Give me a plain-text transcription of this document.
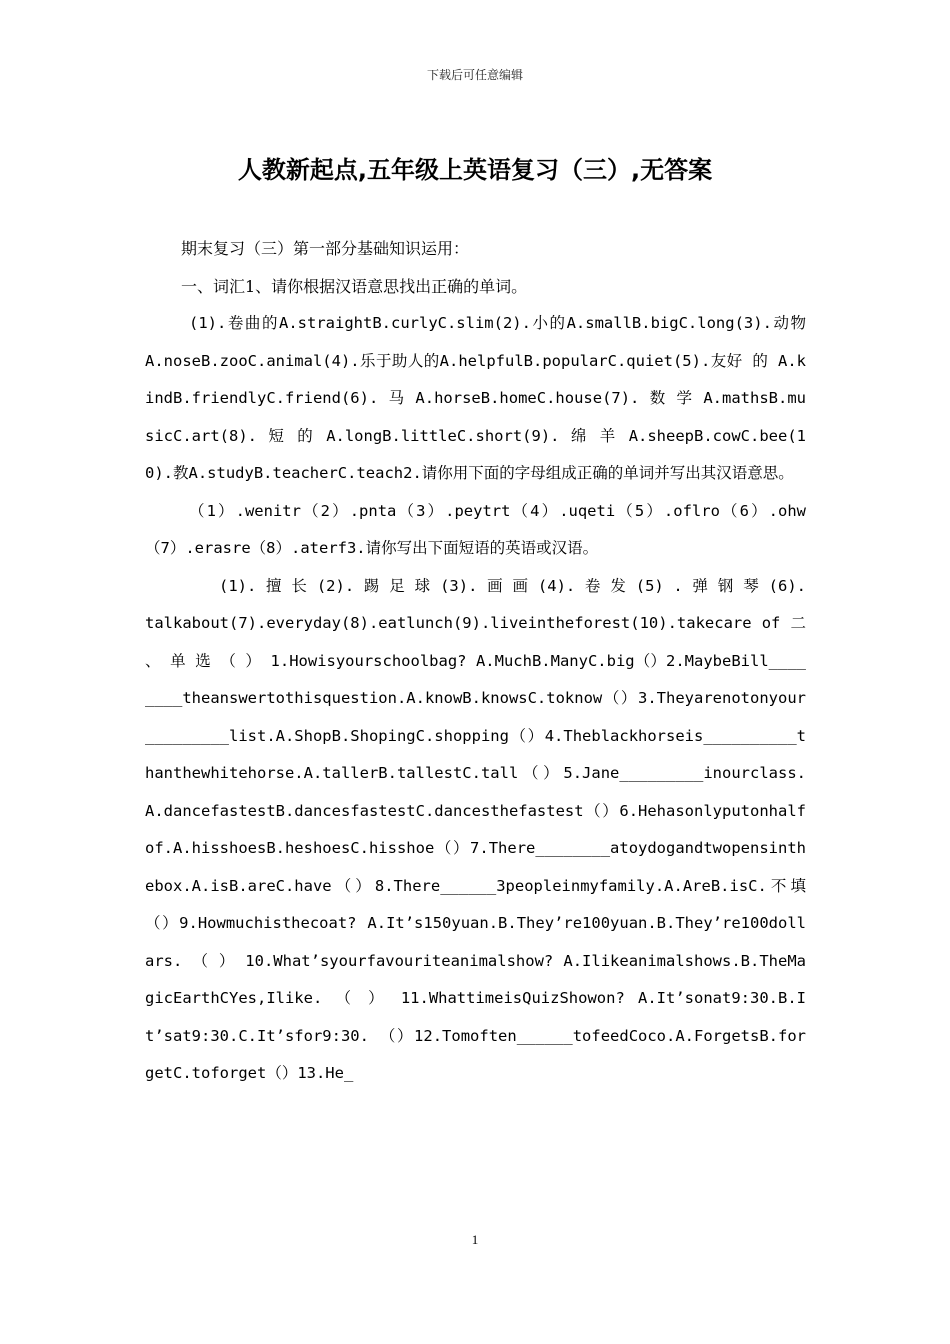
下载后可任意编辑
人教新起点,五年级上英语复习（三）,无答案

期末复习（三）第一部分基础知识运用：

一、词汇1、请你根据汉语意思找出正确的单词。

(1).卷曲的A.straightB.curlyC.slim(2).小的A.smallB.bigC.long(3).动物A.noseB.zooC.animal(4).乐于助人的A.helpfulB.popularC.quiet(5).友好 的 A.kindB.friendlyC.friend(6). 马 A.horseB.homeC.house(7). 数 学 A.mathsB.musicC.art(8). 短 的 A.longB.littleC.short(9). 绵 羊 A.sheepB.cowC.bee(10).教A.studyB.teacherC.teach2.请你用下面的字母组成正确的单词并写出其汉语意思。

（1）.wenitr（2）.pnta（3）.peytrt（4）.uqeti（5）.oflro（6）.ohw（7）.erasre（8）.aterf3.请你写出下面短语的英语或汉语。

(1). 擅 长 (2). 踢 足 球 (3). 画 画 (4). 卷 发 (5) . 弹 钢 琴 (6).talkabout(7).everyday(8).eatlunch(9).liveintheforest(10).takecare of 二 、 单 选 （ ） 1.Howisyourschoolbag? A.MuchB.ManyC.big（）2.MaybeBill________theanswertothisquestion.A.knowB.knowsC.toknow（）3.Theyarenotonyour_________list.A.ShopB.ShopingC.shopping（）4.Theblackhorseis__________thanthewhitehorse.A.tallerB.tallestC.tall（）5.Jane_________inourclass.A.dancefastestB.dancesfastestC.dancesthefastest（）6.Hehasonlyputonhalfof.A.hisshoesB.heshoesC.hisshoe（）7.There________atoydogandtwopensinthebox.A.isB.areC.have（）8.There______3peopleinmyfamily.A.AreB.isC.不填（）9.Howmuchisthecoat? A.It’s150yuan.B.They’re100yuan.B.They’re100dollars. （ ） 10.What’syourfavouriteanimalshow? A.Ilikeanimalshows.B.TheMagicEarthCYes,Ilike. （ ） 11.WhattimeisQuizShowon? A.It’sonat9:30.B.It’sat9:30.C.It’sfor9:30. （）12.Tomoften______tofeedCoco.A.ForgetsB.forgetC.toforget（）13.He_

1
